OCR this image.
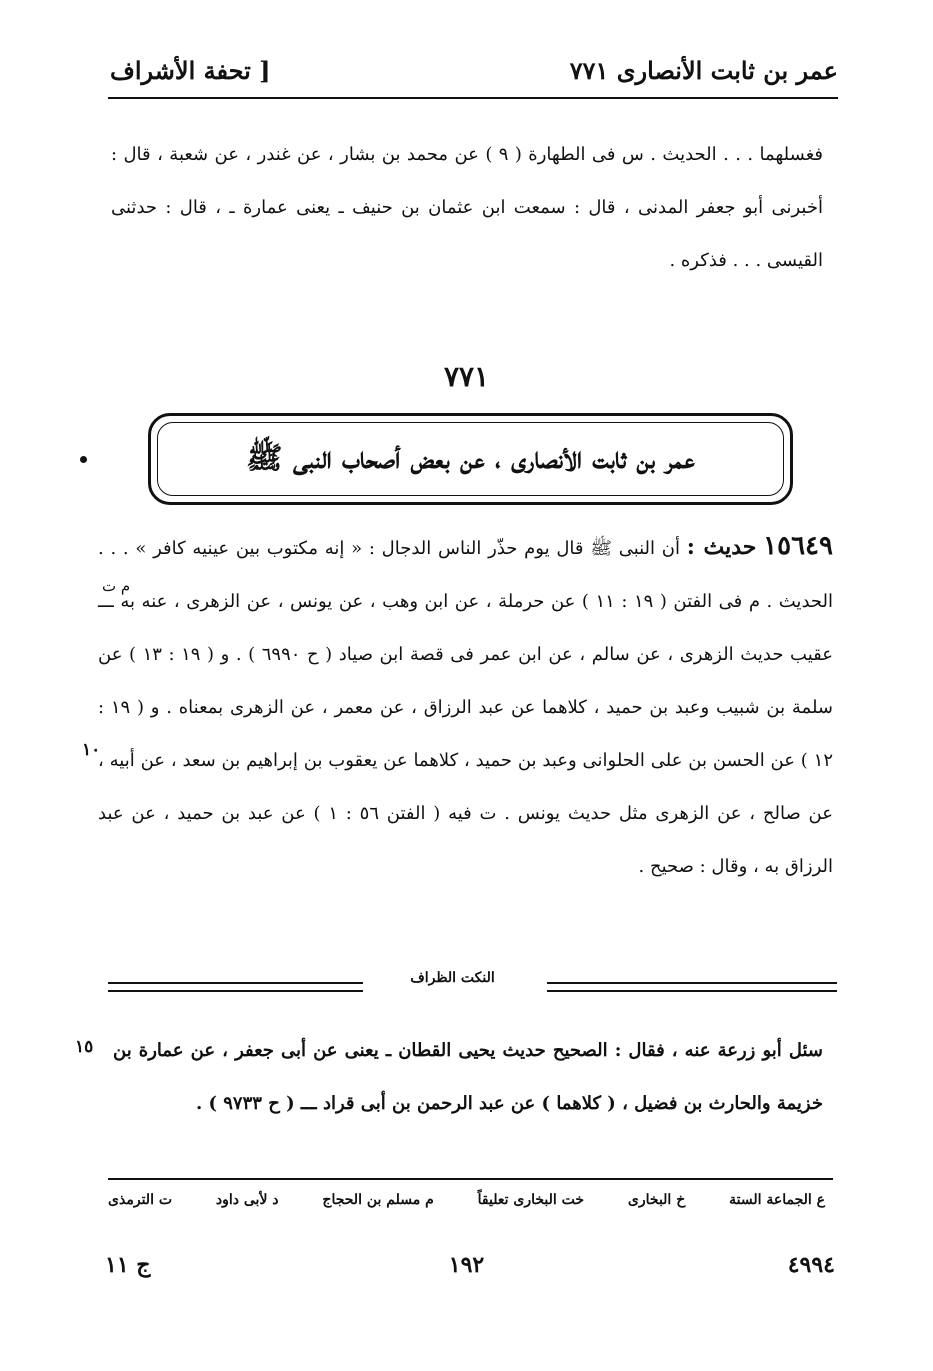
عمر بن ثابت الأنصارى ٧٧١
[ تحفة الأشراف
فغسلهما . . . الحديث . س فى الطهارة ( ٩ ) عن محمد بن بشار ، عن غندر ، عن شعبة ، قال : أخبرنى أبو جعفر المدنى ، قال : سمعت ابن عثمان بن حنيف ـ يعنى عمارة ـ ، قال : حدثنى القيسى . . . فذكره .
٧٧١
عمر بن ثابت الأنصارى ، عن بعض أصحاب النبى ﷺ
١٥٦٤٩ حديث : أن النبى ﷺ قال يوم حذّر الناس الدجال : « إنه مكتوب بين عينيه كافر » . . . الحديث . م فى الفتن ( ١٩ : ١١ ) عن حرملة ، عن ابن وهب ، عن يونس ، عن الزهرى ، عنه به ـــ عقيب حديث الزهرى ، عن سالم ، عن ابن عمر فى قصة ابن صياد ( ح ٦٩٩٠ ) . و ( ١٩ : ١٣ ) عن سلمة بن شبيب وعبد بن حميد ، كلاهما عن عبد الرزاق ، عن معمر ، عن الزهرى بمعناه . و ( ١٩ : ١٢ ) عن الحسن بن على الحلوانى وعبد بن حميد ، كلاهما عن يعقوب بن إبراهيم بن سعد ، عن أبيه ، عن صالح ، عن الزهرى مثل حديث يونس . ت فيه ( الفتن ٥٦ : ١ ) عن عبد بن حميد ، عن عبد الرزاق به ، وقال : صحيح .
م ت
١٠
النكت الظراف
سئل أبو زرعة عنه ، فقال : الصحيح حديث يحيى القطان ـ يعنى عن أبى جعفر ، عن عمارة بن خزيمة والحارث بن فضيل ، ( كلاهما ) عن عبد الرحمن بن أبى قراد ـــ ( ح ٩٧٣٣ ) .
١٥
ع الجماعة الستة
خ البخارى
خت البخارى تعليقاً
م مسلم بن الحجاج
د لأبى داود
ت الترمذى
٤٩٩٤
١٩٢
ج ١١
